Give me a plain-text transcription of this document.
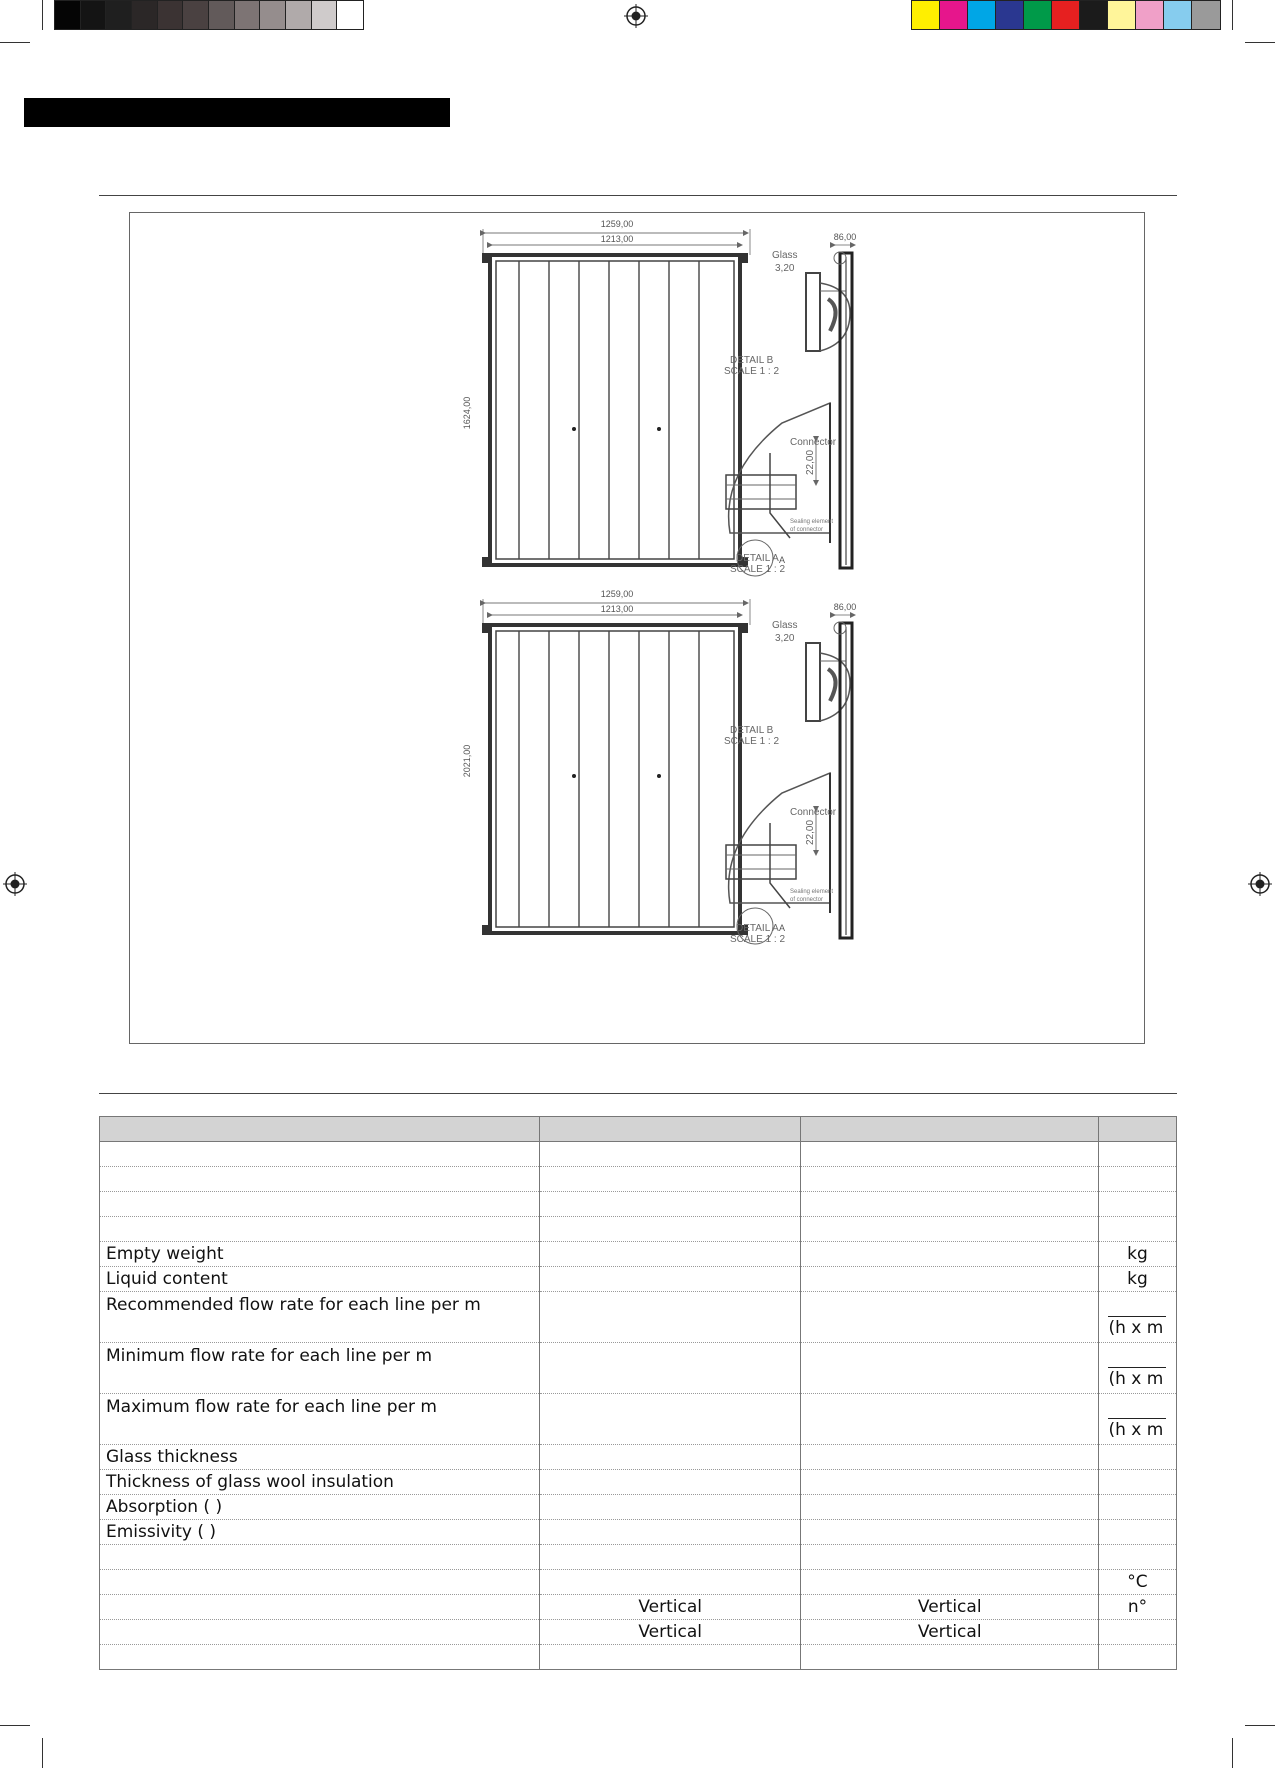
1259,00
1213,00
A
1624,00
Glass
3,20
DETAIL B
SCALE 1 : 2
Connector
22,00
Sealing element
of connector
DETAIL A
SCALE 1 : 2
86,00
1259,00
1213,00
A
2021,00
Glass
3,20
DETAIL B
SCALE 1 : 2
Connector
22,00
Sealing element
of connector
DETAIL A
SCALE 1 : 2
86,00

Empty weight			kg
Liquid content			kg
Recommended flow rate for each line per m			(h x m
Minimum flow rate for each line per m			(h x m
Maximum flow rate for each line per m			(h x m
Glass thickness			
Thickness of glass wool insulation			
Absorption ( )			
Emissivity ( )			

			°C
	Vertical	Vertical	n°
	Vertical	Vertical	
